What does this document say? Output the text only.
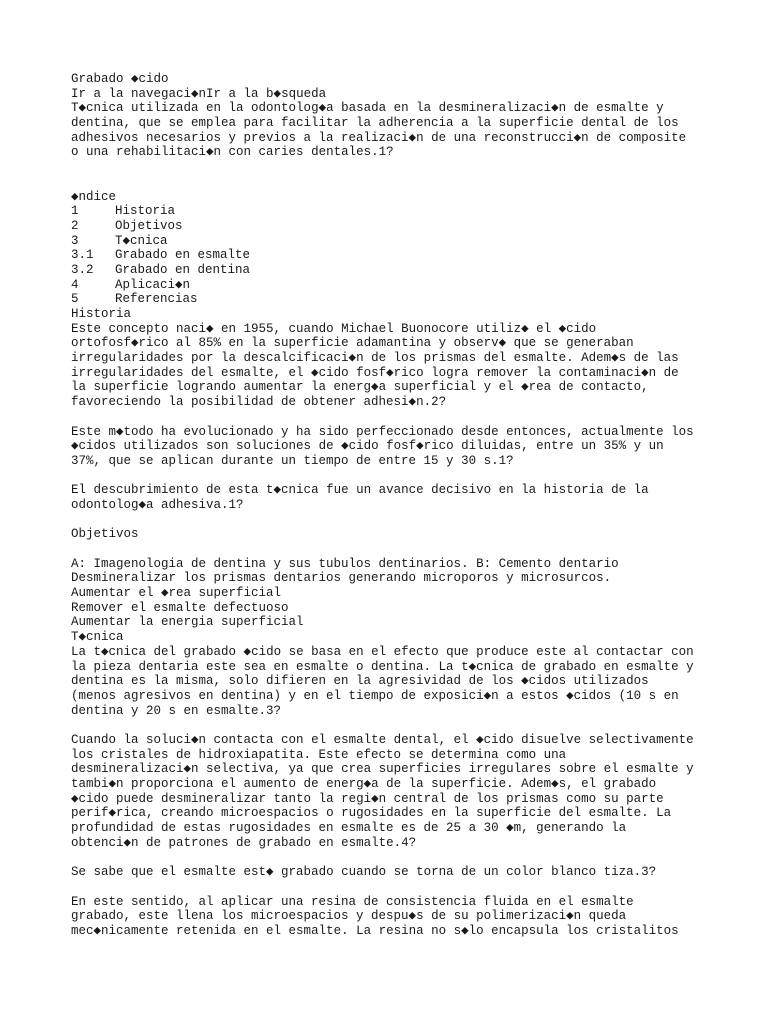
Grabado ◆cido
Ir a la navegaci◆nIr a la b◆squeda
T◆cnica utilizada en la odontolog◆a basada en la desmineralizaci◆n de esmalte y
dentina, que se emplea para facilitar la adherencia a la superficie dental de los
adhesivos necesarios y previos a la realizaci◆n de una reconstrucci◆n de composite
o una rehabilitaci◆n con caries dentales.1?
◆ndice
1	Historia
2	Objetivos
3	T◆cnica
3.1	Grabado en esmalte
3.2	Grabado en dentina
4	Aplicaci◆n
5	Referencias
Historia
Este concepto naci◆ en 1955, cuando Michael Buonocore utiliz◆ el ◆cido
ortofosf◆rico al 85% en la superficie adamantina y observ◆ que se generaban
irregularidades por la descalcificaci◆n de los prismas del esmalte. Adem◆s de las
irregularidades del esmalte, el ◆cido fosf◆rico logra remover la contaminaci◆n de
la superficie logrando aumentar la energ◆a superficial y el ◆rea de contacto,
favoreciendo la posibilidad de obtener adhesi◆n.2?
Este m◆todo ha evolucionado y ha sido perfeccionado desde entonces, actualmente los
◆cidos utilizados son soluciones de ◆cido fosf◆rico diluidas, entre un 35% y un
37%, que se aplican durante un tiempo de entre 15 y 30 s.1?
El descubrimiento de esta t◆cnica fue un avance decisivo en la historia de la
odontolog◆a adhesiva.1?
Objetivos
A: Imagenologia de dentina y sus tubulos dentinarios. B: Cemento dentario
Desmineralizar los prismas dentarios generando microporos y microsurcos.
Aumentar el ◆rea superficial
Remover el esmalte defectuoso
Aumentar la energia superficial
T◆cnica
La t◆cnica del grabado ◆cido se basa en el efecto que produce este al contactar con
la pieza dentaria este sea en esmalte o dentina. La t◆cnica de grabado en esmalte y
dentina es la misma, solo difieren en la agresividad de los ◆cidos utilizados
(menos agresivos en dentina) y en el tiempo de exposici◆n a estos ◆cidos (10 s en
dentina y 20 s en esmalte.3?
Cuando la soluci◆n contacta con el esmalte dental, el ◆cido disuelve selectivamente
los cristales de hidroxiapatita. Este efecto se determina como una
desmineralizaci◆n selectiva, ya que crea superficies irregulares sobre el esmalte y
tambi◆n proporciona el aumento de energ◆a de la superficie. Adem◆s, el grabado
◆cido puede desmineralizar tanto la regi◆n central de los prismas como su parte
perif◆rica, creando microespacios o rugosidades en la superficie del esmalte. La
profundidad de estas rugosidades en esmalte es de 25 a 30 ◆m, generando la
obtenci◆n de patrones de grabado en esmalte.4?
Se sabe que el esmalte est◆ grabado cuando se torna de un color blanco tiza.3?
En este sentido, al aplicar una resina de consistencia fluida en el esmalte
grabado, este llena los microespacios y despu◆s de su polimerizaci◆n queda
mec◆nicamente retenida en el esmalte. La resina no s◆lo encapsula los cristalitos
